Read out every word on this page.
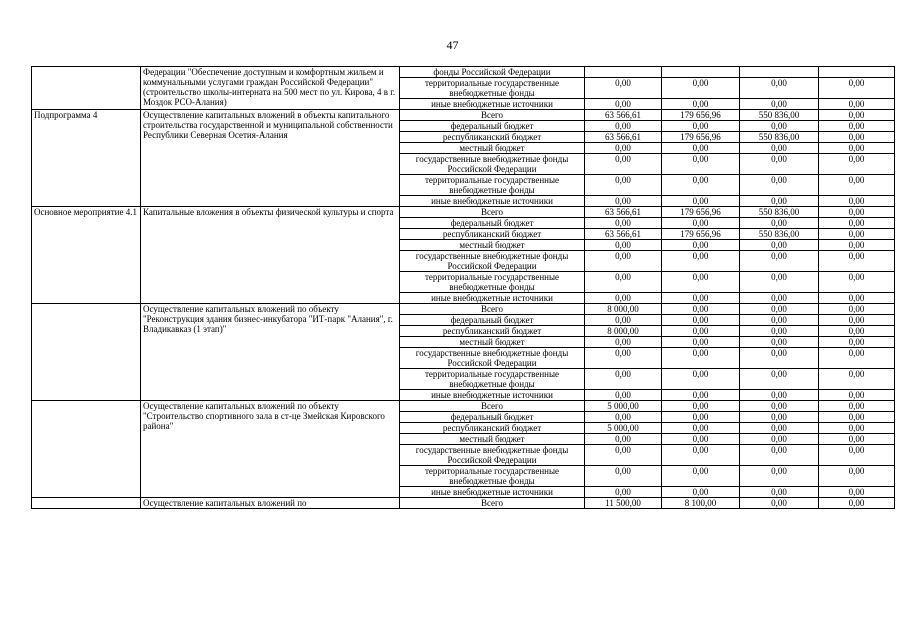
47
	Федерации "Обеспечение доступным и комфортным жильем и коммунальными услугами граждан Российской Федерации" (строительство школы-интерната на 500 мест по ул. Кирова, 4 в г. Моздок РСО-Алания)	фонды Российской Федерации				
		территориальные государственные внебюджетные фонды	0,00	0,00	0,00	0,00
		иные внебюджетные источники	0,00	0,00	0,00	0,00
Подпрограмма 4	Осуществление капитальных вложений в объекты капитального строительства государственной и муниципальной собственности Республики Северная Осетия-Алания	Всего	63 566,61	179 656,96	550 836,00	0,00
		федеральный бюджет	0,00	0,00	0,00	0,00
		республиканский бюджет	63 566,61	179 656,96	550 836,00	0,00
		местный бюджет	0,00	0,00	0,00	0,00
		государственные внебюджетные фонды Российской Федерации	0,00	0,00	0,00	0,00
		территориальные государственные внебюджетные фонды	0,00	0,00	0,00	0,00
		иные внебюджетные источники	0,00	0,00	0,00	0,00
Основное мероприятие 4.1	Капитальные вложения в объекты физической культуры и спорта	Всего	63 566,61	179 656,96	550 836,00	0,00
		федеральный бюджет	0,00	0,00	0,00	0,00
		республиканский бюджет	63 566,61	179 656,96	550 836,00	0,00
		местный бюджет	0,00	0,00	0,00	0,00
		государственные внебюджетные фонды Российской Федерации	0,00	0,00	0,00	0,00
		территориальные государственные внебюджетные фонды	0,00	0,00	0,00	0,00
		иные внебюджетные источники	0,00	0,00	0,00	0,00
	Осуществление капитальных вложений по объекту "Реконструкция здания бизнес-инкубатора "ИТ-парк "Алания", г. Владикавказ (1 этап)"	Всего	8 000,00	0,00	0,00	0,00
		федеральный бюджет	0,00	0,00	0,00	0,00
		республиканский бюджет	8 000,00	0,00	0,00	0,00
		местный бюджет	0,00	0,00	0,00	0,00
		государственные внебюджетные фонды Российской Федерации	0,00	0,00	0,00	0,00
		территориальные государственные внебюджетные фонды	0,00	0,00	0,00	0,00
		иные внебюджетные источники	0,00	0,00	0,00	0,00
	Осуществление капитальных вложений по объекту "Строительство спортивного зала в ст-це Змейская Кировского района"	Всего	5 000,00	0,00	0,00	0,00
		федеральный бюджет	0,00	0,00	0,00	0,00
		республиканский бюджет	5 000,00	0,00	0,00	0,00
		местный бюджет	0,00	0,00	0,00	0,00
		государственные внебюджетные фонды Российской Федерации	0,00	0,00	0,00	0,00
		территориальные государственные внебюджетные фонды	0,00	0,00	0,00	0,00
		иные внебюджетные источники	0,00	0,00	0,00	0,00
	Осуществление капитальных вложений по	Всего	11 500,00	8 100,00	0,00	0,00
